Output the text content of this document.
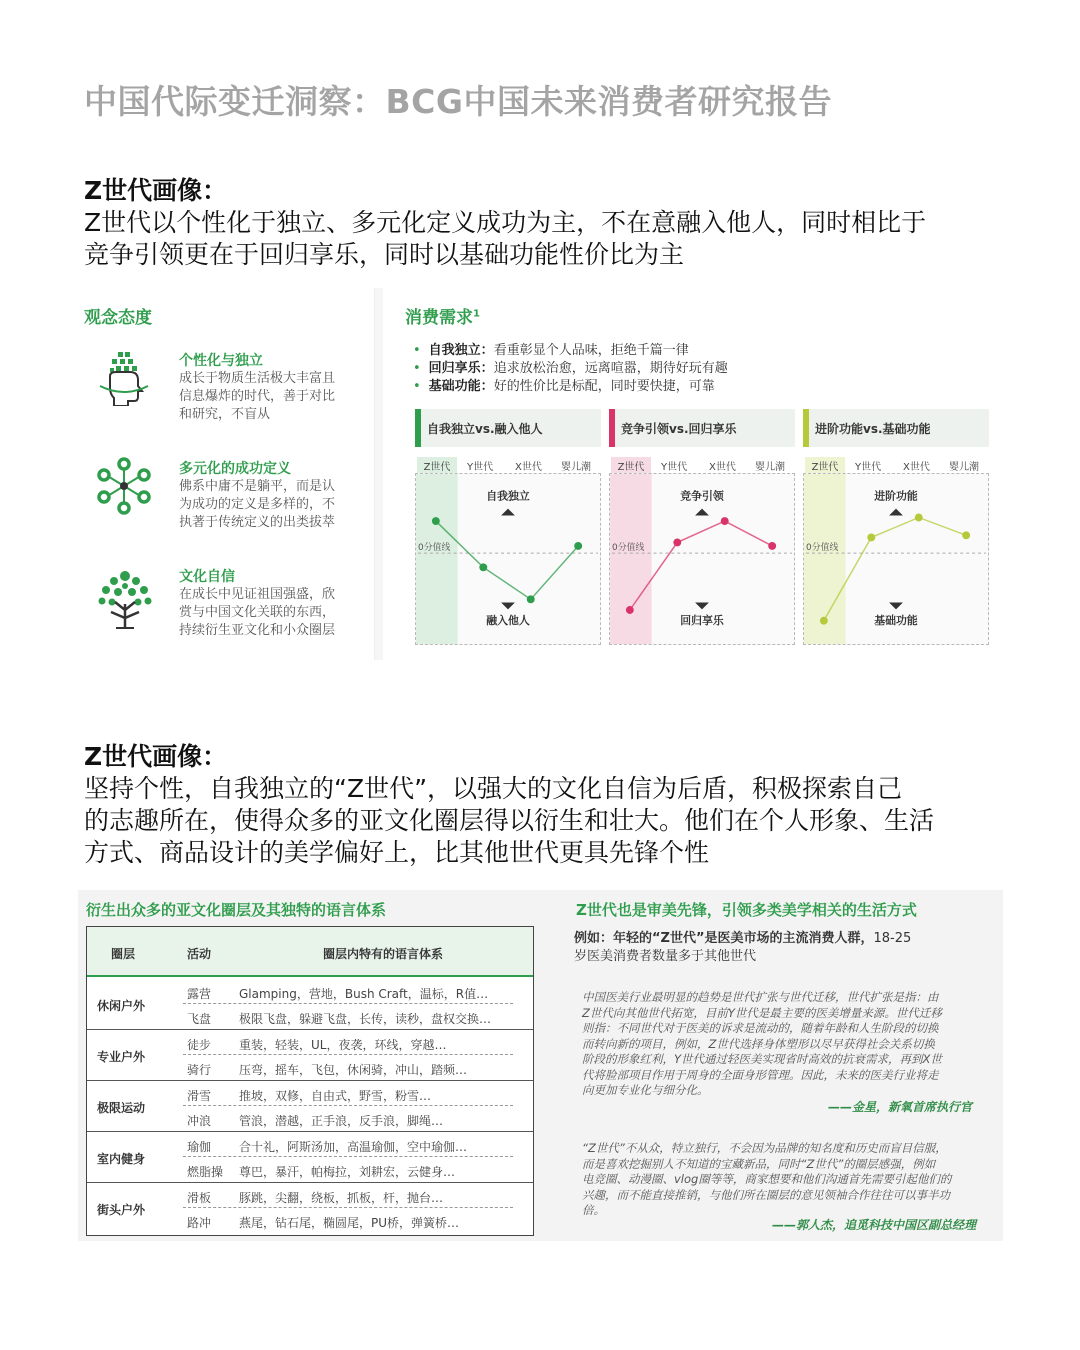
中国代际变迁洞察：BCG中国未来消费者研究报告
Z世代画像：
Z世代以个性化于独立、多元化定义成功为主，不在意融入他人，同时相比于
竞争引领更在于回归享乐，同时以基础功能性价比为主
观念态度
个性化与独立
成长于物质生活极大丰富且
信息爆炸的时代，善于对比
和研究，不盲从
多元化的成功定义
佛系中庸不是躺平，而是认
为成功的定义是多样的，不
执著于传统定义的出类拔萃
文化自信
在成长中见证祖国强盛，欣
赏与中国文化关联的东西，
持续衍生亚文化和小众圈层
消费需求$^1$
• 自我独立：看重彰显个人品味，拒绝千篇一律
• 回归享乐：追求放松治愈，远离喧嚣，期待好玩有趣
• 基础功能：好的性价比是标配，同时要快捷，可靠
自我独立vs.融入他人
Z世代	Y世代 X世代 婴儿潮
0分值线
自我独立
融入他人
竞争引领vs.回归享乐
Z世代	Y世代 X世代 婴儿潮
0分值线
竞争引领
回归享乐
进阶功能vs.基础功能
Z世代	Y世代 X世代 婴儿潮
0分值线
进阶功能
基础功能
Z世代画像：
坚持个性，自我独立的“Z世代”，以强大的文化自信为后盾，积极探索自己
的志趣所在，使得众多的亚文化圈层得以衍生和壮大。他们在个人形象、生活
方式、商品设计的美学偏好上，比其他世代更具先锋个性
衍生出众多的亚文化圈层及其独特的语言体系
圈层	活动	圈层内特有的语言体系
休闲户外
露营 Glamping，营地，Bush Craft，温标，R值…
飞盘 极限飞盘，躲避飞盘，长传，读秒，盘权交换…
专业户外
徒步 重装，轻装，UL，夜袭，环线，穿越…
骑行 压弯，摇车，飞包，休闲骑，冲山，踏频…
极限运动
滑雪 推坡，双修，自由式，野雪，粉雪…
冲浪 管浪，潜越，正手浪，反手浪，脚绳…
室内健身
瑜伽 合十礼，阿斯汤加，高温瑜伽，空中瑜伽…
燃脂操 尊巴，暴汗，帕梅拉，刘耕宏，云健身…
街头户外
滑板 豚跳，尖翻，绕板，抓板，杆，抛台…
路冲 燕尾，钻石尾，椭圆尾，PU桥，弹簧桥…
Z世代也是审美先锋，引领多类美学相关的生活方式
例如：年轻的“Z世代”是医美市场的主流消费人群，18-25
岁医美消费者数量多于其他世代
中国医美行业最明显的趋势是世代扩张与世代迁移，世代扩张是指：由
Z世代向其他世代拓宽，目前Y世代是最主要的医美增量来源。世代迁移
则指：不同世代对于医美的诉求是流动的，随着年龄和人生阶段的切换
而转向新的项目，例如，Z世代选择身体塑形以尽早获得社会关系切换
阶段的形象红利，Y世代通过轻医美实现省时高效的抗衰需求，再到X世
代将脸部项目作用于周身的全面身形管理。因此，未来的医美行业将走
向更加专业化与细分化。
——金星，新氧首席执行官
“Z世代”不从众，特立独行，不会因为品牌的知名度和历史而盲目信服，
而是喜欢挖掘别人不知道的宝藏新品，同时“Z世代”的圈层感强，例如
电竞圈、动漫圈、vlog圈等等，商家想要和他们沟通首先需要引起他们的
兴趣，而不能直接推销，与他们所在圈层的意见领袖合作往往可以事半功
倍。
——郭人杰，追觅科技中国区副总经理
